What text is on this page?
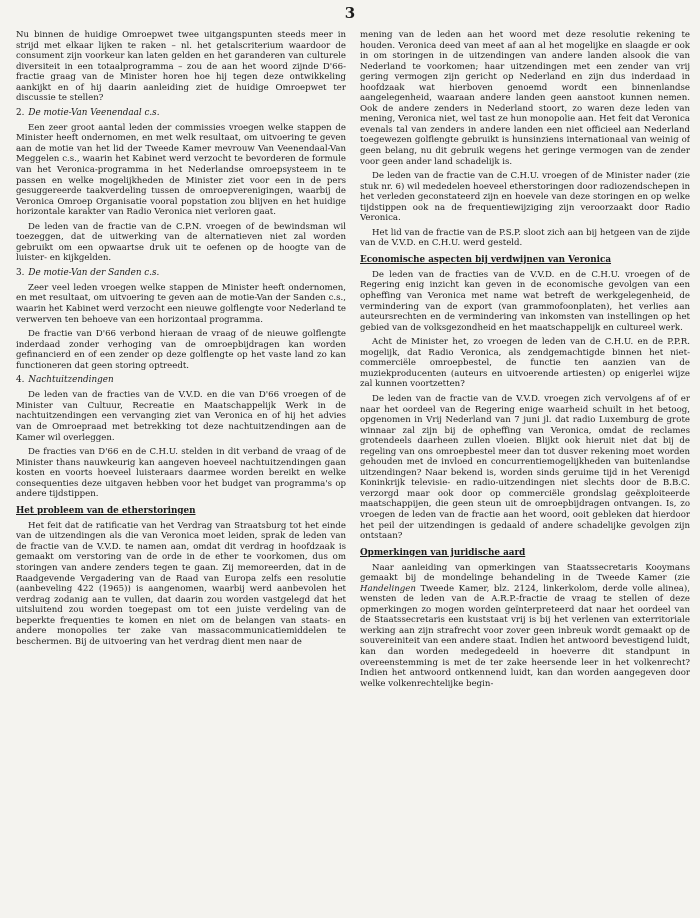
3

Nu binnen de huidige Omroepwet twee uitgangspunten steeds meer in strijd met elkaar lijken te raken – nl. het getalscriterium waardoor de consument zijn voorkeur kan laten gelden en het garanderen van culturele diversiteit in een totaalprogramma – zou de aan het woord zijnde D'66-fractie graag van de Minister horen hoe hij tegen deze ontwikkeling aankijkt en of hij daarin aanleiding ziet de huidige Omroepwet ter discussie te stellen?

2. De motie-Van Veenendaal c.s.

Een zeer groot aantal leden der commissies vroegen welke stappen de Minister heeft ondernomen, en met welk resultaat, om uitvoering te geven aan de motie van het lid der Tweede Kamer mevrouw Van Veenendaal-Van Meggelen c.s., waarin het Kabinet werd verzocht te bevorderen de formule van het Veronica-programma in het Nederlandse omroepsysteem in te passen en welke mogelijkheden de Minister ziet voor een in de pers gesuggereerde taakverdeling tussen de omroepverenigingen, waarbij de Veronica Omroep Organisatie vooral popstation zou blijven en het huidige horizontale karakter van Radio Veronica niet verloren gaat.

De leden van de fractie van de C.P.N. vroegen of de bewindsman wil toezeggen, dat de uitwerking van de alternatieven niet zal worden gebruikt om een opwaartse druk uit te oefenen op de hoogte van de luister- en kijkgelden.

3. De motie-Van der Sanden c.s.

Zeer veel leden vroegen welke stappen de Minister heeft ondernomen, en met resultaat, om uitvoering te geven aan de motie-Van der Sanden c.s., waarin het Kabinet werd verzocht een nieuwe golflengte voor Nederland te verwerven ten behoeve van een horizontaal programma.

De fractie van D'66 verbond hieraan de vraag of de nieuwe golflengte inderdaad zonder verhoging van de omroepbijdragen kan worden gefinancierd en of een zender op deze golflengte op het vaste land zo kan functioneren dat geen storing optreedt.

4. Nachtuitzendingen

De leden van de fracties van de V.V.D. en die van D'66 vroegen of de Minister van Cultuur, Recreatie en Maatschappelijk Werk in de nachtuitzendingen een vervanging ziet van Veronica en of hij het advies van de Omroepraad met betrekking tot deze nachtuitzendingen aan de Kamer wil overleggen.

De fracties van D'66 en de C.H.U. stelden in dit verband de vraag of de Minister thans nauwkeurig kan aangeven hoeveel nachtuitzendingen gaan kosten en voorts hoeveel luisteraars daarmee worden bereikt en welke consequenties deze uitgaven hebben voor het budget van programma's op andere tijdstippen.

Het probleem van de etherstoringen

Het feit dat de ratificatie van het Verdrag van Straatsburg tot het einde van de uitzendingen als die van Veronica moet leiden, sprak de leden van de fractie van de V.V.D. te namen aan, omdat dit verdrag in hoofdzaak is gemaakt om verstoring van de orde in de ether te voorkomen, dus om storingen van andere zenders tegen te gaan. Zij memoreerden, dat in de Raadgevende Vergadering van de Raad van Europa zelfs een resolutie (aanbeveling 422 (1965)) is aangenomen, waarbij werd aanbevolen het verdrag zodanig aan te vullen, dat daarin zou worden vastgelegd dat het uitsluitend zou worden toegepast om tot een juiste verdeling van de beperkte frequenties te komen en niet om de belangen van staats- en andere monopolies ter zake van massacommunicatiemiddelen te beschermen. Bij de uitvoering van het verdrag dient men naar de

mening van de leden aan het woord met deze resolutie rekening te houden. Veronica deed van meet af aan al het mogelijke en slaagde er ook in om storingen in de uitzendingen van andere landen alsook die van Nederland te voorkomen; haar uitzendingen met een zender van vrij gering vermogen zijn gericht op Nederland en zijn dus inderdaad in hoofdzaak wat hierboven genoemd wordt een binnenlandse aangelegenheid, waaraan andere landen geen aanstoot kunnen nemen. Ook de andere zenders in Nederland stoort, zo waren deze leden van mening, Veronica niet, wel tast ze hun monopolie aan. Het feit dat Veronica evenals tal van zenders in andere landen een niet officieel aan Nederland toegewezen golflengte gebruikt is hunsinziens internationaal van weinig of geen belang, nu dit gebruik wegens het geringe vermogen van de zender voor geen ander land schadelijk is.

De leden van de fractie van de C.H.U. vroegen of de Minister nader (zie stuk nr. 6) wil mededelen hoeveel etherstoringen door radiozendschepen in het verleden geconstateerd zijn en hoevele van deze storingen en op welke tijdstippen ook na de frequentiewijziging zijn veroorzaakt door Radio Veronica.

Het lid van de fractie van de P.S.P. sloot zich aan bij hetgeen van de zijde van de V.V.D. en C.H.U. werd gesteld.

Economische aspecten bij verdwijnen van Veronica

De leden van de fracties van de V.V.D. en de C.H.U. vroegen of de Regering enig inzicht kan geven in de economische gevolgen van een opheffing van Veronica met name wat betreft de werkgelegenheid, de vermindering van de export (van grammofoonplaten), het verlies aan auteursrechten en de vermindering van inkomsten van instellingen op het gebied van de volksgezondheid en het maatschappelijk en cultureel werk.

Acht de Minister het, zo vroegen de leden van de C.H.U. en de P.P.R. mogelijk, dat Radio Veronica, als zendgemachtigde binnen het niet-commerciële omroepbestel, de functie ten aanzien van de muziekproducenten (auteurs en uitvoerende artiesten) op enigerlei wijze zal kunnen voortzetten?

De leden van de fractie van de V.V.D. vroegen zich vervolgens af of er naar het oordeel van de Regering enige waarheid schuilt in het betoog, opgenomen in Vrij Nederland van 7 juni jl. dat radio Luxemburg de grote winnaar zal zijn bij de opheffing van Veronica, omdat de reclames grotendeels daarheen zullen vloeien. Blijkt ook hieruit niet dat bij de regeling van ons omroepbestel meer dan tot dusver rekening moet worden gehouden met de invloed en concurrentiemogelijkheden van buitenlandse uitzendingen? Naar bekend is, worden sinds geruime tijd in het Verenigd Koninkrijk televisie- en radio-uitzendingen niet slechts door de B.B.C. verzorgd maar ook door op commerciële grondslag geëxploiteerde maatschappijen, die geen steun uit de omroepbijdragen ontvangen. Is, zo vroegen de leden van de fractie aan het woord, ooit gebleken dat hierdoor het peil der uitzendingen is gedaald of andere schadelijke gevolgen zijn ontstaan?

Opmerkingen van juridische aard

Naar aanleiding van opmerkingen van Staatssecretaris Kooymans gemaakt bij de mondelinge behandeling in de Tweede Kamer (zie Handelingen Tweede Kamer, blz. 2124, linkerkolom, derde volle alinea), wensten de leden van de A.R.P.-fractie de vraag te stellen of deze opmerkingen zo mogen worden geïnterpreteerd dat naar het oordeel van de Staatssecretaris een kuststaat vrij is bij het verlenen van exterritoriale werking aan zijn strafrecht voor zover geen inbreuk wordt gemaakt op de souvereiniteit van een andere staat. Indien het antwoord bevestigend luidt, kan dan worden medegedeeld in hoeverre dit standpunt in overeenstemming is met de ter zake heersende leer in het volkenrecht? Indien het antwoord ontkennend luidt, kan dan worden aangegeven door welke volkenrechtelijke begin-
